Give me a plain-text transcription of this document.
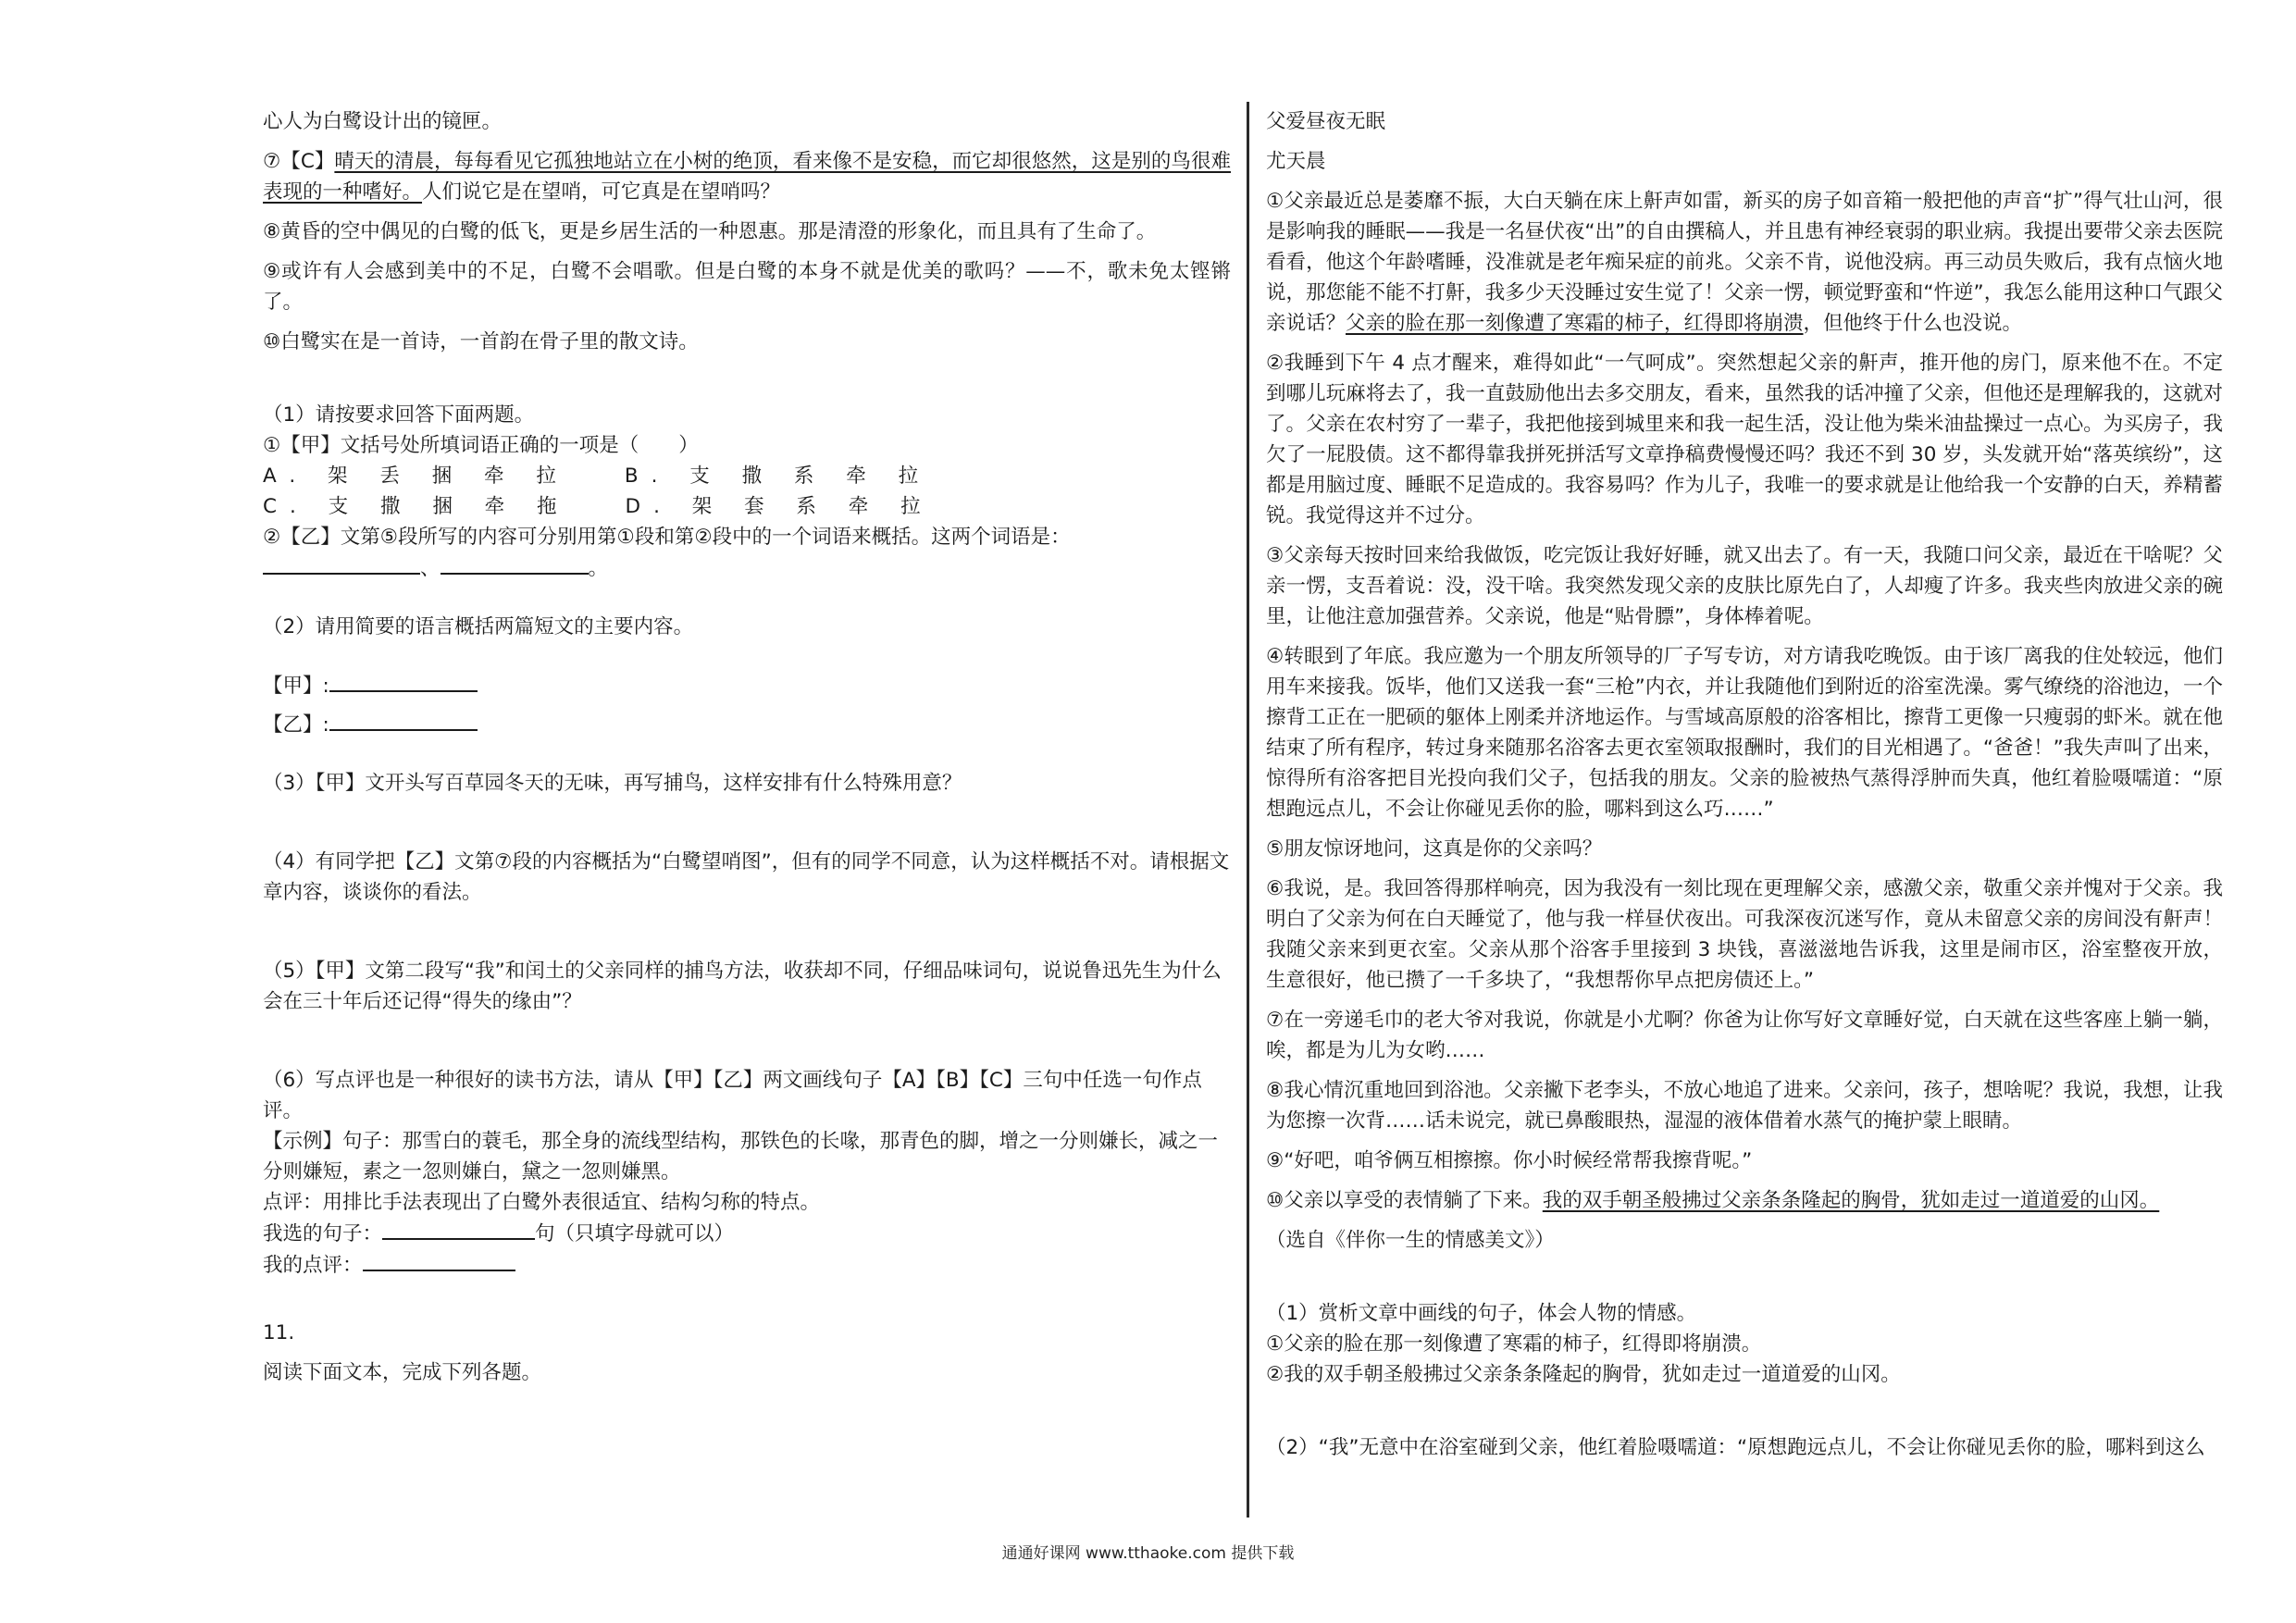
心人为白鹭设计出的镜匣。

⑦【C】晴天的清晨，每每看见它孤独地站立在小树的绝顶，看来像不是安稳，而它却很悠然，这是别的鸟很难表现的一种嗜好。人们说它是在望哨，可它真是在望哨吗？

⑧黄昏的空中偶见的白鹭的低飞，更是乡居生活的一种恩惠。那是清澄的形象化，而且具有了生命了。

⑨或许有人会感到美中的不足，白鹭不会唱歌。但是白鹭的本身不就是优美的歌吗？——不，歌未免太铿锵了。

⑩白鹭实在是一首诗，一首韵在骨子里的散文诗。

（1）请按要求回答下面两题。

①【甲】文括号处所填词语正确的一项是（　　）

A. 架 丢 捆 牵 拉	B. 支 撒 系 牵 拉

C. 支 撒 捆 牵 拖	D. 架 套 系 牵 拉

②【乙】文第⑤段所写的内容可分别用第①段和第②段中的一个词语来概括。这两个词语是：

、	。

（2）请用简要的语言概括两篇短文的主要内容。

【甲】:

【乙】:

（3）【甲】文开头写百草园冬天的无味，再写捕鸟，这样安排有什么特殊用意？

（4）有同学把【乙】文第⑦段的内容概括为“白鹭望哨图”，但有的同学不同意，认为这样概括不对。请根据文章内容，谈谈你的看法。

（5）【甲】文第二段写“我”和闰土的父亲同样的捕鸟方法，收获却不同，仔细品味词句，说说鲁迅先生为什么会在三十年后还记得“得失的缘由”？

（6）写点评也是一种很好的读书方法，请从【甲】【乙】两文画线句子【A】【B】【C】三句中任选一句作点评。

【示例】句子：那雪白的蓑毛，那全身的流线型结构，那铁色的长喙，那青色的脚，增之一分则嫌长，减之一分则嫌短，素之一忽则嫌白，黛之一忽则嫌黑。

点评：用排比手法表现出了白鹭外表很适宜、结构匀称的特点。

我选的句子：	句（只填字母就可以）

我的点评：

11.

阅读下面文本，完成下列各题。

父爱昼夜无眠

尤天晨

①父亲最近总是萎靡不振，大白天躺在床上鼾声如雷，新买的房子如音箱一般把他的声音“扩”得气壮山河，很是影响我的睡眠——我是一名昼伏夜“出”的自由撰稿人，并且患有神经衰弱的职业病。我提出要带父亲去医院看看，他这个年龄嗜睡，没准就是老年痴呆症的前兆。父亲不肯，说他没病。再三动员失败后，我有点恼火地说，那您能不能不打鼾，我多少天没睡过安生觉了！父亲一愣，顿觉野蛮和“忤逆”，我怎么能用这种口气跟父亲说话？父亲的脸在那一刻像遭了寒霜的柿子，红得即将崩溃，但他终于什么也没说。

②我睡到下午 4 点才醒来，难得如此“一气呵成”。突然想起父亲的鼾声，推开他的房门，原来他不在。不定到哪儿玩麻将去了，我一直鼓励他出去多交朋友，看来，虽然我的话冲撞了父亲，但他还是理解我的，这就对了。父亲在农村穷了一辈子，我把他接到城里来和我一起生活，没让他为柴米油盐操过一点心。为买房子，我欠了一屁股债。这不都得靠我拼死拼活写文章挣稿费慢慢还吗？我还不到 30 岁，头发就开始“落英缤纷”，这都是用脑过度、睡眠不足造成的。我容易吗？作为儿子，我唯一的要求就是让他给我一个安静的白天，养精蓄锐。我觉得这并不过分。

③父亲每天按时回来给我做饭，吃完饭让我好好睡，就又出去了。有一天，我随口问父亲，最近在干啥呢？父亲一愣，支吾着说：没，没干啥。我突然发现父亲的皮肤比原先白了，人却瘦了许多。我夹些肉放进父亲的碗里，让他注意加强营养。父亲说，他是“贴骨膘”，身体棒着呢。

④转眼到了年底。我应邀为一个朋友所领导的厂子写专访，对方请我吃晚饭。由于该厂离我的住处较远，他们用车来接我。饭毕，他们又送我一套“三枪”内衣，并让我随他们到附近的浴室洗澡。雾气缭绕的浴池边，一个擦背工正在一肥硕的躯体上刚柔并济地运作。与雪域高原般的浴客相比，擦背工更像一只瘦弱的虾米。就在他结束了所有程序，转过身来随那名浴客去更衣室领取报酬时，我们的目光相遇了。“爸爸！”我失声叫了出来，惊得所有浴客把目光投向我们父子，包括我的朋友。父亲的脸被热气蒸得浮肿而失真，他红着脸嗫嚅道：“原想跑远点儿，不会让你碰见丢你的脸，哪料到这么巧……”

⑤朋友惊讶地问，这真是你的父亲吗？

⑥我说，是。我回答得那样响亮，因为我没有一刻比现在更理解父亲，感激父亲，敬重父亲并愧对于父亲。我明白了父亲为何在白天睡觉了，他与我一样昼伏夜出。可我深夜沉迷写作，竟从未留意父亲的房间没有鼾声！我随父亲来到更衣室。父亲从那个浴客手里接到 3 块钱，喜滋滋地告诉我，这里是闹市区，浴室整夜开放，生意很好，他已攒了一千多块了，“我想帮你早点把房债还上。”

⑦在一旁递毛巾的老大爷对我说，你就是小尤啊？你爸为让你写好文章睡好觉，白天就在这些客座上躺一躺，唉，都是为儿为女哟……

⑧我心情沉重地回到浴池。父亲撇下老李头，不放心地追了进来。父亲问，孩子，想啥呢？我说，我想，让我为您擦一次背……话未说完，就已鼻酸眼热，湿湿的液体借着水蒸气的掩护蒙上眼睛。

⑨“好吧，咱爷俩互相擦擦。你小时候经常帮我擦背呢。”

⑩父亲以享受的表情躺了下来。我的双手朝圣般拂过父亲条条隆起的胸骨，犹如走过一道道爱的山冈。

（选自《伴你一生的情感美文》）

（1）赏析文章中画线的句子，体会人物的情感。

①父亲的脸在那一刻像遭了寒霜的柿子，红得即将崩溃。

②我的双手朝圣般拂过父亲条条隆起的胸骨，犹如走过一道道爱的山冈。

（2）“我”无意中在浴室碰到父亲，他红着脸嗫嚅道：“原想跑远点儿，不会让你碰见丢你的脸，哪料到这么

通通好课网 www.tthaoke.com 提供下载
